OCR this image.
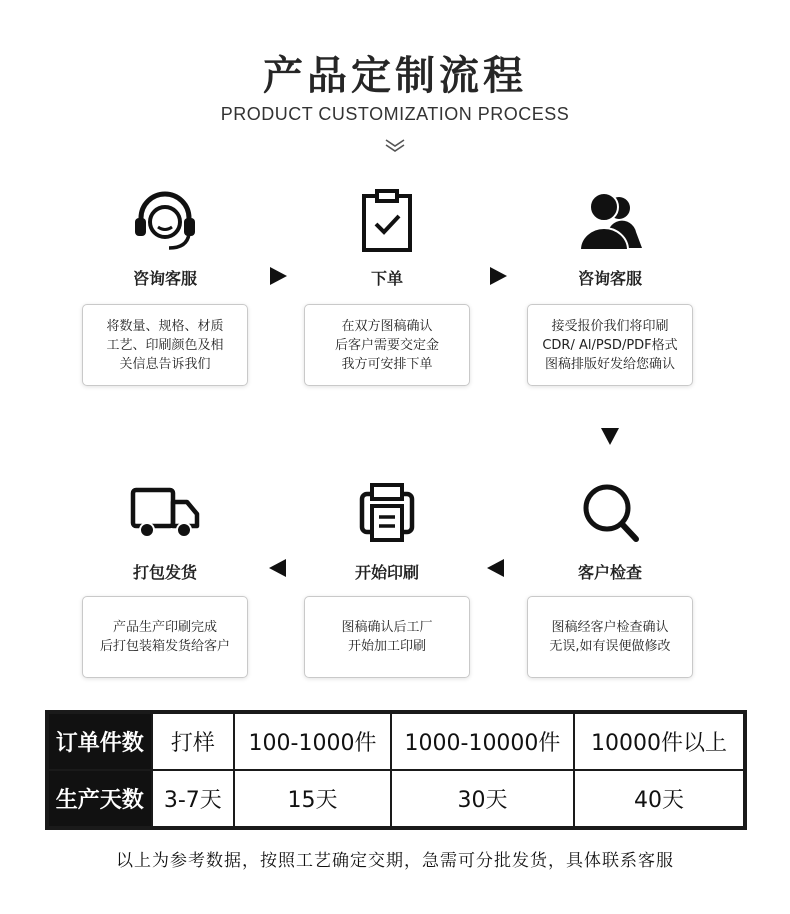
产品定制流程
PRODUCT CUSTOMIZATION PROCESS
咨询客服

将数量、规格、材质
工艺、印刷颜色及相
关信息告诉我们

下单

在双方图稿确认
后客户需要交定金
我方可安排下单

咨询客服

接受报价我们将印刷
CDR/ Al/PSD/PDF格式
图稿排版好发给您确认

客户检查

图稿经客户检查确认
无误,如有误便做修改

开始印刷

图稿确认后工厂
开始加工印刷

打包发货

产品生产印刷完成
后打包装箱发货给客户

订单件数	打样	100-1000件	1000-10000件	10000件以上
生产天数	3-7天	15天	30天	40天
以上为参考数据，按照工艺确定交期，急需可分批发货，具体联系客服
